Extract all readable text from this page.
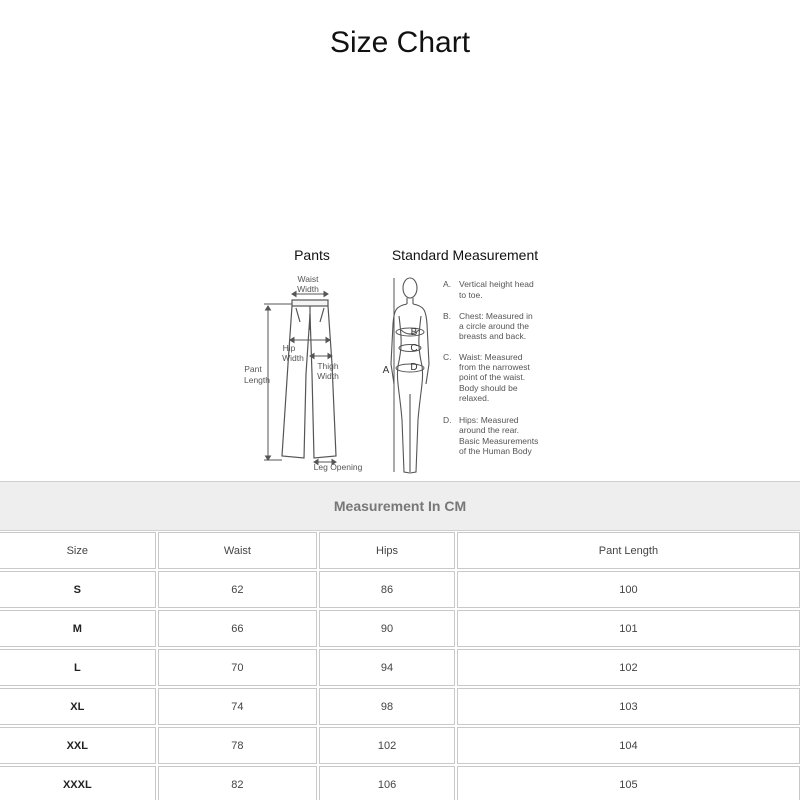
Size Chart
Pants
Waist
Width
Hip
Width
Thigh
Width
Pant
Length
Leg Opening
Standard Measurement
A
B
C
D
A. Vertical height head
to toe.
B. Chest: Measured in
a circle around the
breasts and back.
C. Waist: Measured
from the narrowest
point of the waist.
Body should be
relaxed.
D. Hips: Measured
around the rear.
Basic Measurements
of the Human Body
Measurement In CM
Size	Waist	Hips	Pant Length
S	62	86	100
M	66	90	101
L	70	94	102
XL	74	98	103
XXL	78	102	104
XXXL	82	106	105
